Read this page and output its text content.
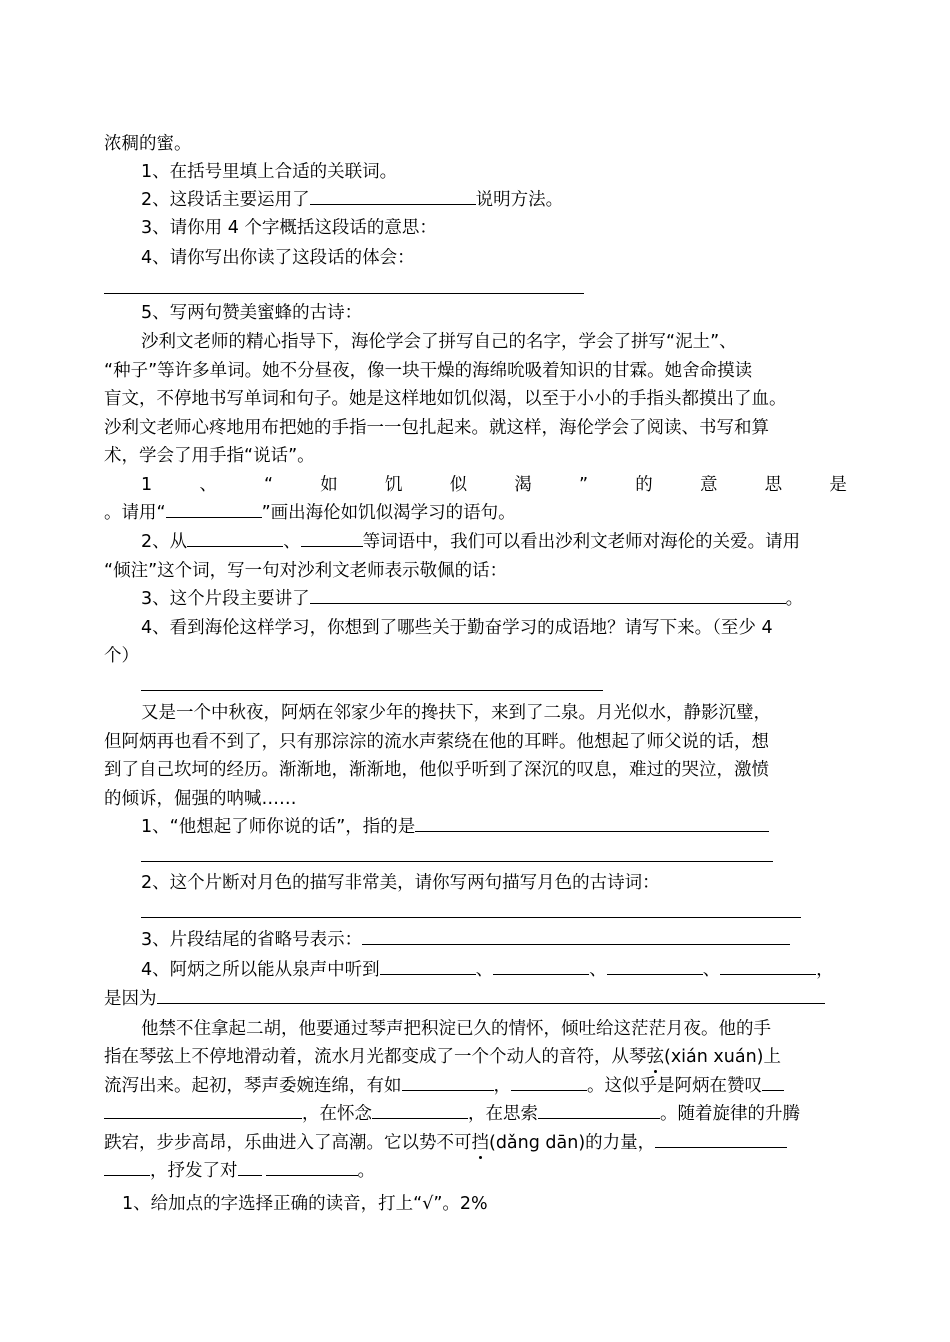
浓稠的蜜。
1、在括号里填上合适的关联词。
2、这段话主要运用了	说明方法。
3、请你用 4 个字概括这段话的意思：
4、请你写出你读了这段话的体会：
5、写两句赞美蜜蜂的古诗：
沙利文老师的精心指导下，海伦学会了拼写自己的名字，学会了拼写“泥土”、
“种子”等许多单词。她不分昼夜，像一块干燥的海绵吮吸着知识的甘霖。她舍命摸读
盲文，不停地书写单词和句子。她是这样地如饥似渴，以至于小小的手指头都摸出了血。
沙利文老师心疼地用布把她的手指一一包扎起来。就这样，海伦学会了阅读、书写和算
术，学会了用手指“说话”。
1	、	“	如	饥	似	渴	”	的	意	思	是
。请用“	”画出海伦如饥似渴学习的语句。
2、从	、	等词语中，我们可以看出沙利文老师对海伦的关爱。请用
“倾注”这个词，写一句对沙利文老师表示敬佩的话：
3、这个片段主要讲了	。
4、看到海伦这样学习，你想到了哪些关于勤奋学习的成语地？请写下来。（至少 4
个）
又是一个中秋夜，阿炳在邻家少年的搀扶下，来到了二泉。月光似水，静影沉璧，
但阿炳再也看不到了，只有那淙淙的流水声萦绕在他的耳畔。他想起了师父说的话，想
到了自己坎坷的经历。渐渐地，渐渐地，他似乎听到了深沉的叹息，难过的哭泣，激愤
的倾诉，倔强的呐喊……
1、“他想起了师你说的话”，指的是
2、这个片断对月色的描写非常美，请你写两句描写月色的古诗词：
3、片段结尾的省略号表示：
4、阿炳之所以能从泉声中听到	、	、	、	，
是因为
他禁不住拿起二胡，他要通过琴声把积淀已久的情怀，倾吐给这茫茫月夜。他的手
指在琴弦上不停地滑动着，流水月光都变成了一个个动人的音符，从琴弦(xián xuán)上
流泻出来。起初，琴声委婉连绵，有如	，	。这似乎是阿炳在赞叹
，在怀念	，在思索	。随着旋律的升腾
跌宕，步步高昂，乐曲进入了高潮。它以势不可挡(dǎng dān)的力量，
，抒发了对	。
1、给加点的字选择正确的读音，打上“√”。2%
